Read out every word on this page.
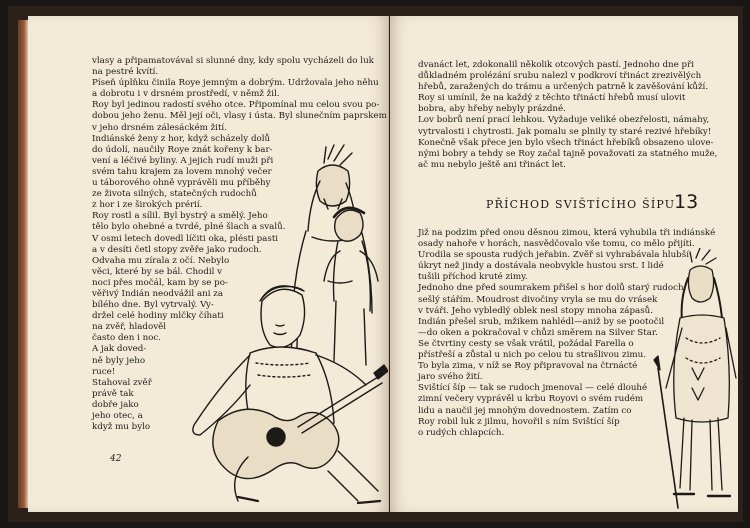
vlasy a připamatovával si slunné dny, kdy spolu vycházeli do luk
na pestré kvítí.
Píseň úplňku činila Roye jemným a dobrým. Udržovala jeho něhu
a dobrotu i v drsném prostředí, v němž žil.
Roy byl jedinou radostí svého otce. Připomínal mu celou svou po-
dobou jeho ženu. Měl její oči, vlasy i ústa. Byl slunečním paprskem
v jeho drsném zálesáckém žití.
Indiánské ženy z hor, když scházely dolů
do údolí, naučily Roye znát kořeny k bar-
vení a léčivé byliny. A jejich rudí muži při
svém tahu krajem za lovem mnohý večer
u táborového ohně vyprávěli mu příběhy
ze života silných, statečných rudochů
z hor i ze širokých prérií.
Roy rostl a sílil. Byl bystrý a smělý. Jeho
tělo bylo ohebné a tvrdé, plné šlach a svalů.
V osmi letech dovedl líčiti oka, plésti pasti
a v desíti četl stopy zvěře jako rudoch.
Odvaha mu zírala z očí. Nebylo
věci, které by se bál. Chodil v
noci přes močál, kam by se po-
věřivý Indián neodvážil ani za
bílého dne. Byl vytrvalý. Vy-
držel celé hodiny mlčky číhati
na zvěř, hladověl
často den i noc.
A jak doved-
ně byly jeho
ruce!
Stahoval zvěř
právě tak
dobře jako
jeho otec, a
když mu bylo
42
dvanáct let, zdokonalil několik otcových pastí. Jednoho dne při
důkladném prolézání srubu nalezl v podkroví třináct zrezivělých
hřebů, zaražených do trámu a určených patrně k zavěšování kůží.
Roy si umínil, že na každý z těchto třináctí hřebů musí ulovit
bobra, aby hřeby nebyly prázdné.
Lov bobrů není prací lehkou. Vyžaduje veliké obezřelosti, námahy,
vytrvalosti i chytrosti. Jak pomalu se plnily ty staré rezivé hřebíky!
Konečně však přece jen bylo všech třináct hřebíků obsazeno ulove-
nými bobry a tehdy se Roy začal tajně považovati za statného muže,
ač mu nebylo ještě ani třináct let.
PŘÍCHOD SVIŠTÍCÍHO ŠÍPU
13
Již na podzim před onou děsnou zimou, která vyhubila tři indiánské
osady nahoře v horách, nasvědčovalo vše tomu, co mělo přijíti.
Urodila se spousta rudých jeřabin. Zvěř si vyhrabávala hlubší
úkryt než jindy a dostávala neobvykle hustou srst. I lidé
tušili příchod kruté zimy.
Jednoho dne před soumrakem přišel s hor dolů starý rudoch,
sešlý stářím. Moudrost divočiny vryla se mu do vrásek
v tváři. Jeho vybledlý oblek nesl stopy mnoha zápasů.
Indián přešel srub, mžikem nahlédl—aniž by se pootočil
—do oken a pokračoval v chůzi směrem na Silver Star.
Se čtvrtiny cesty se však vrátil, požádal Farella o
přístřeší a zůstal u nich po celou tu strašlivou zimu.
To byla zima, v níž se Roy připravoval na čtrnácté
jaro svého žití.
Svištící šíp — tak se rudoch jmenoval — celé dlouhé
zimní večery vyprávěl u krbu Royovi o svém rudém
lidu a naučil jej mnohým dovednostem. Zatím co
Roy robil luk z jilmu, hovořil s ním Svištící šíp
o rudých chlapcích.
